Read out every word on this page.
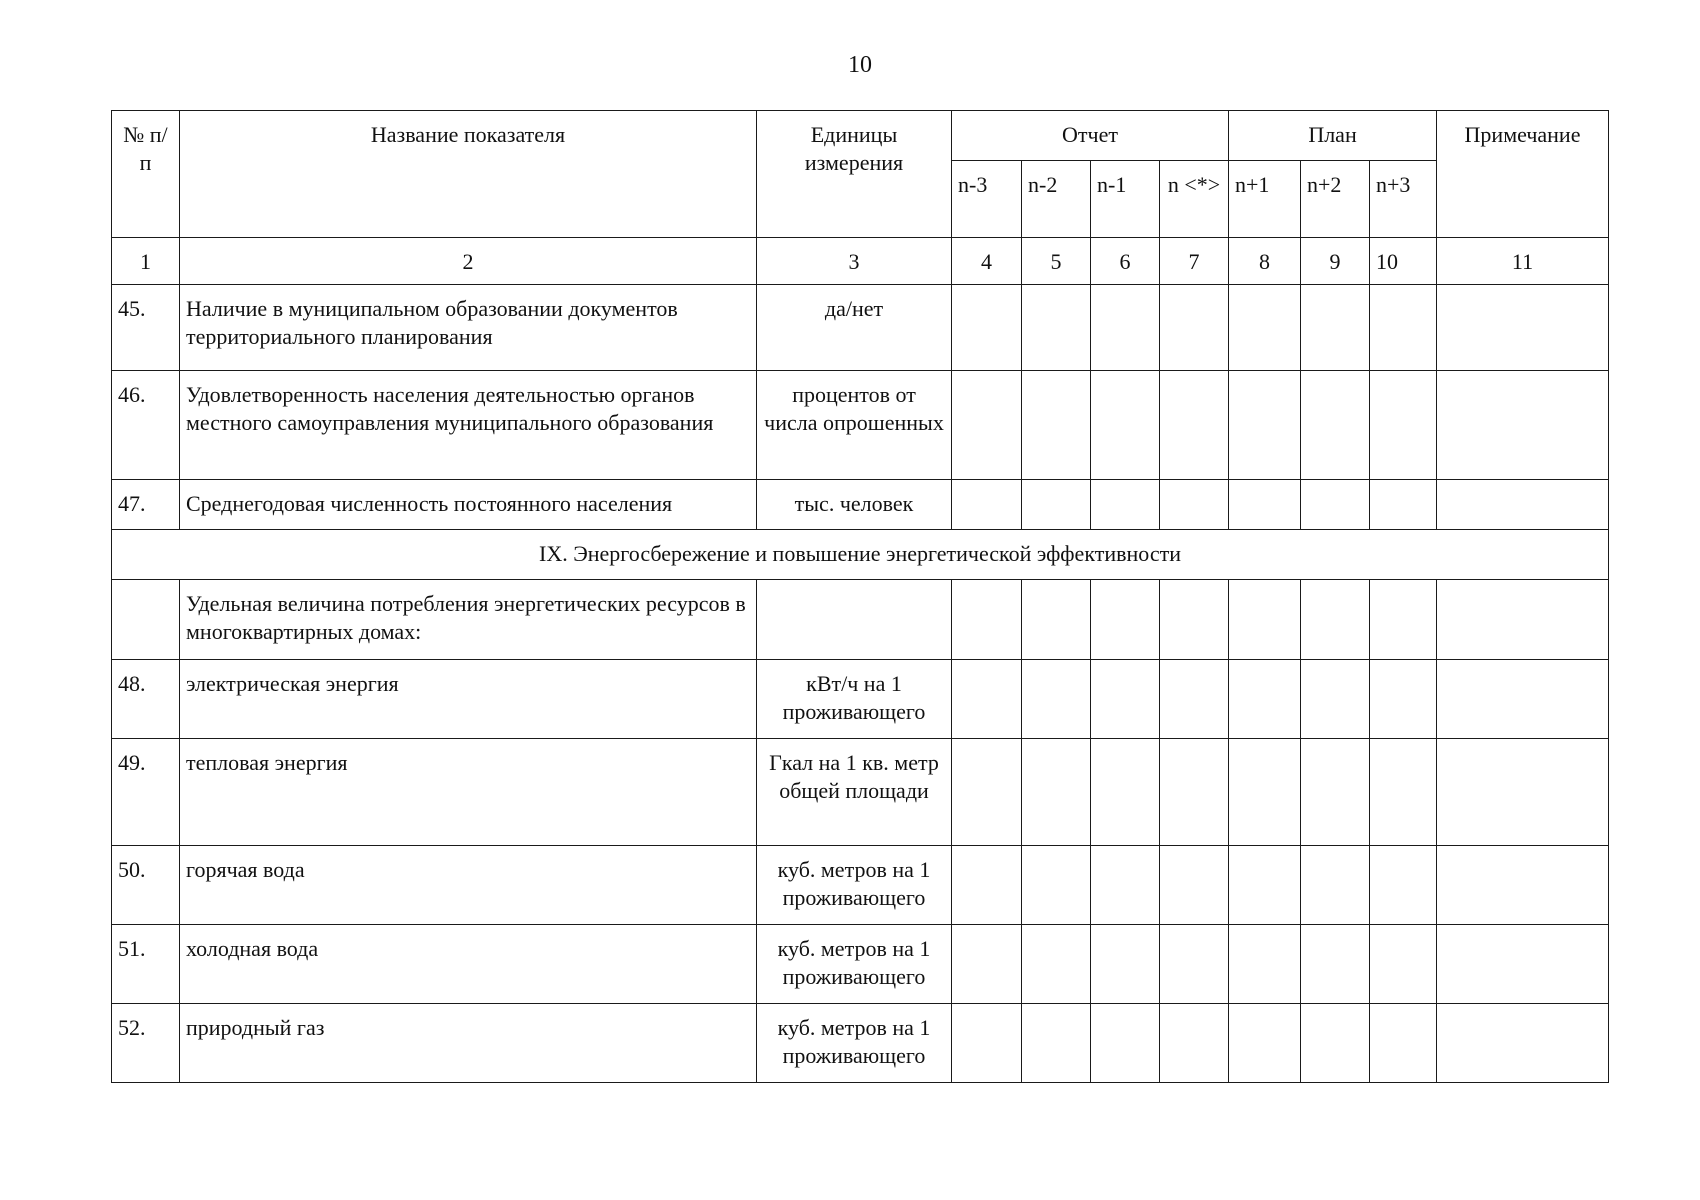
10
№ п/п	Название показателя	Единицы измерения	Отчет				План			Примечание
			n-3	n-2	n-1	n <*>	n+1	n+2	n+3	
1	2	3	4	5	6	7	8	9	10	11
45.	Наличие в муниципальном образовании документов территориального планирования	да/нет								
46.	Удовлетворенность населения деятельностью органов местного самоуправления муниципального образования	процентов от числа опрошенных								
47.	Среднегодовая численность постоянного населения	тыс. человек								
IX. Энергосбережение и повышение энергетической эффективности										
	Удельная величина потребления энергетических ресурсов в многоквартирных домах:									
48.	электрическая энергия	кВт/ч на 1 проживающего								
49.	тепловая энергия	Гкал на 1 кв. метр общей площади								
50.	горячая вода	куб. метров на 1 проживающего								
51.	холодная вода	куб. метров на 1 проживающего								
52.	природный газ	куб. метров на 1 проживающего								
